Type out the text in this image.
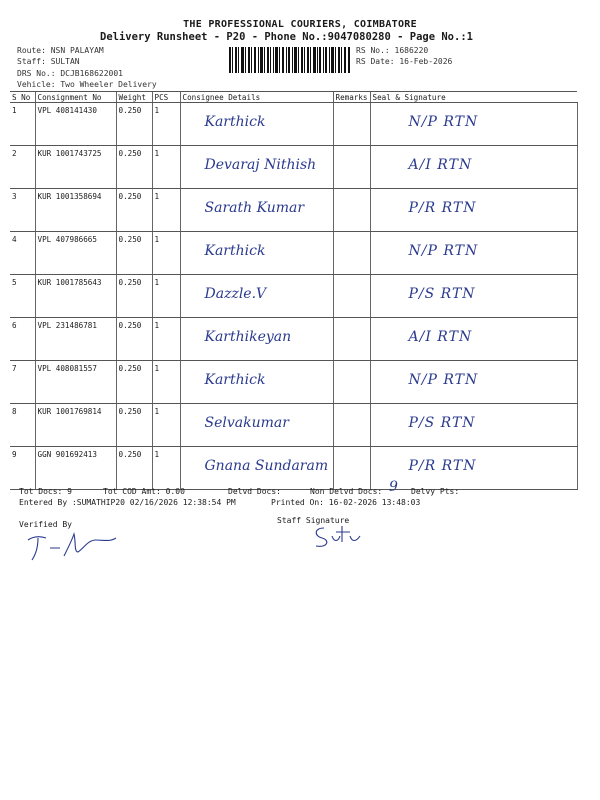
THE PROFESSIONAL COURIERS, COIMBATORE
Delivery Runsheet - P20 - Phone No.:9047080280 - Page No.:1
Route: NSN PALAYAM
Staff: SULTAN
DRS No.: DCJB168622001
Vehicle: Two Wheeler Delivery
RS No.: 1686220
RS Date: 16-Feb-2026
S No	Consignment No	Weight	PCS	Consignee Details	Remarks	Seal & Signature
1	VPL 408141430	0.250	1	Karthick		N/P RTN

2	KUR 1001743725	0.250	1	Devaraj Nithish		A/I RTN

3	KUR 1001358694	0.250	1	Sarath Kumar		P/R RTN

4	VPL 407986665	0.250	1	Karthick		N/P RTN

5	KUR 1001785643	0.250	1	Dazzle.V		P/S RTN

6	VPL 231486781	0.250	1	Karthikeyan		A/I RTN

7	VPL 408081557	0.250	1	Karthick		N/P RTN

8	KUR 1001769814	0.250	1	Selvakumar		P/S RTN

9	GGN 901692413	0.250	1	Gnana Sundaram		P/R RTN
Tot Docs: 9	Tot COD Amt: 0.00	Delvd Docs:	Non Delvd Docs: 9 Delvy Pts:
Entered By :SUMATHIP20 02/16/2026 12:38:54 PM	Printed On: 16-02-2026 13:48:03
Verified By	Staff Signature
